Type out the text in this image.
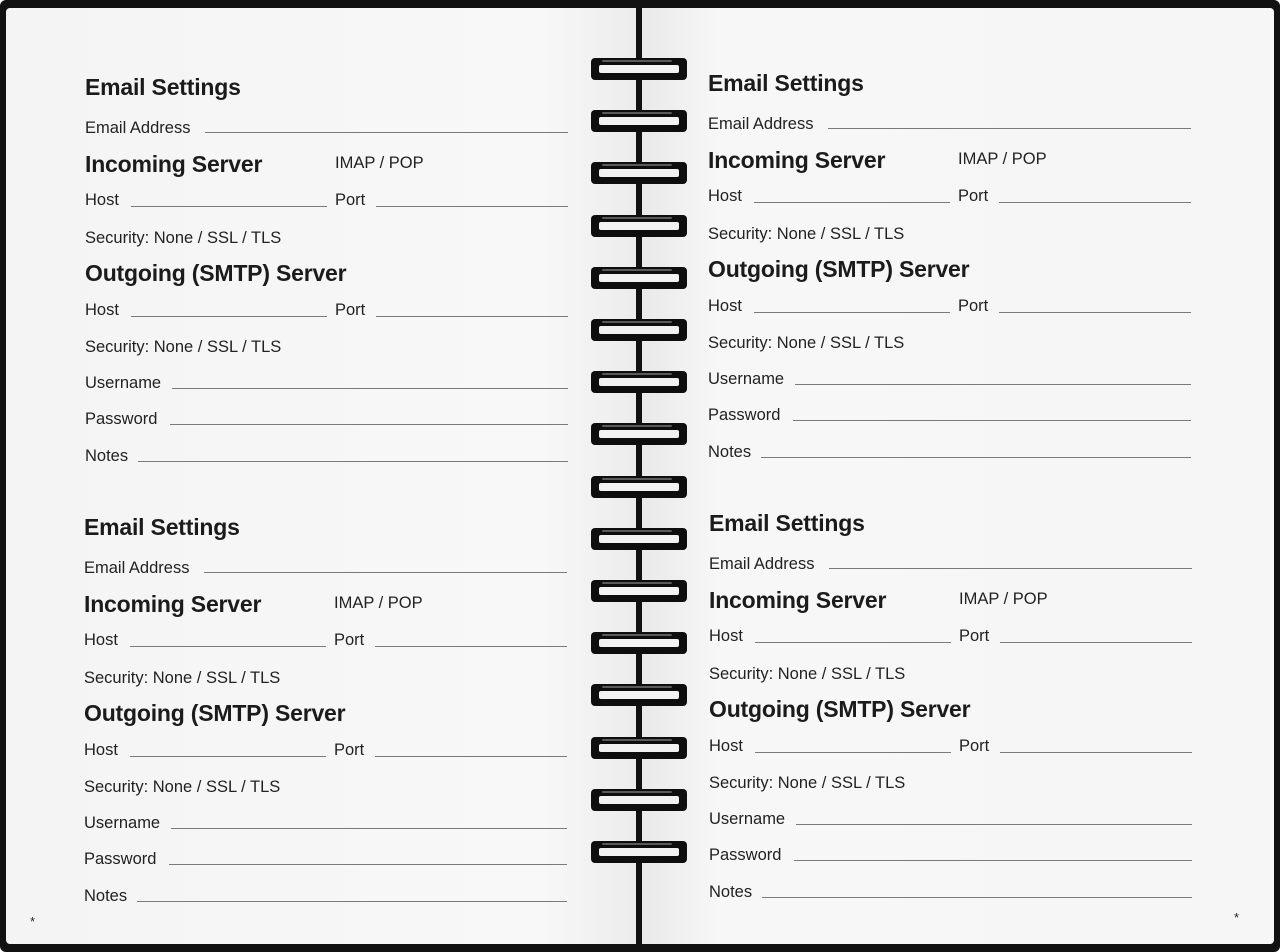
Email Settings
Email Address
Incoming Server	IMAP / POP
Host	Port
Security: None / SSL / TLS
Outgoing (SMTP) Server
Host	Port
Security: None / SSL / TLS
Username
Password
Notes
Email Settings
Email Address
Incoming Server	IMAP / POP
Host	Port
Security: None / SSL / TLS
Outgoing (SMTP) Server
Host	Port
Security: None / SSL / TLS
Username
Password
Notes
Email Settings
Email Address
Incoming Server	IMAP / POP
Host	Port
Security: None / SSL / TLS
Outgoing (SMTP) Server
Host	Port
Security: None / SSL / TLS
Username
Password
Notes
Email Settings
Email Address
Incoming Server	IMAP / POP
Host	Port
Security: None / SSL / TLS
Outgoing (SMTP) Server
Host	Port
Security: None / SSL / TLS
Username
Password
Notes
*	*
